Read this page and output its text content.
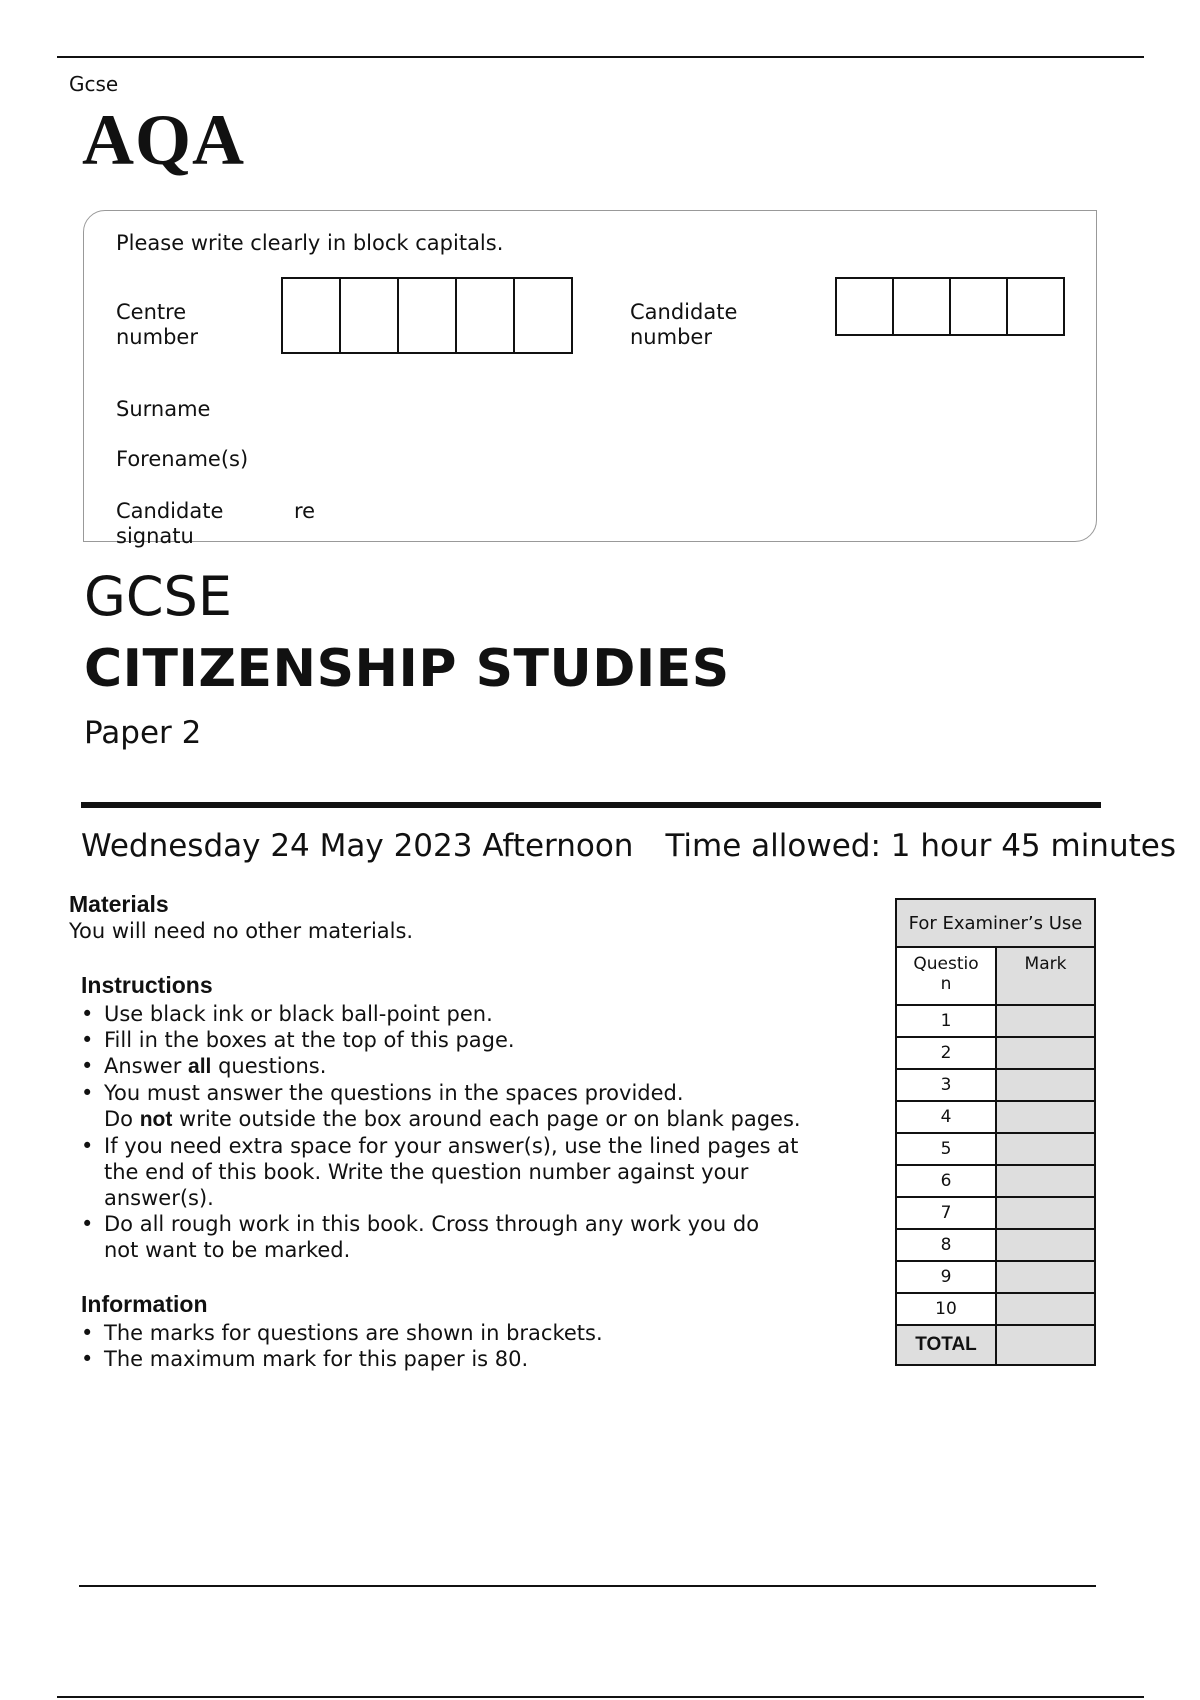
Gcse
AQA
Please write clearly in block capitals.
Centre
number
Candidate
number
Surname
Forename(s)
Candidate
signatu
re
GCSE
CITIZENSHIP STUDIES
Paper 2
Wednesday 24 May 2023 Afternoon Time allowed: 1 hour 45 minutes
Materials
You will need no other materials.
Instructions
• Use black ink or black ball-point pen.
• Fill in the boxes at the top of this page.
• Answer all questions.
• You must answer the questions in the spaces provided.
Do not write outside the box around each page or on blank pages.
• If you need extra space for your answer(s), use the lined pages at
the end of this book. Write the question number against your
answer(s).
• Do all rough work in this book. Cross through any work you do
not want to be marked.
Information
• The marks for questions are shown in brackets.
• The maximum mark for this paper is 80.
For Examiner’s Use	

Questio n	Mark
1	
2	
3	
4	
5	
6	
7	
8	
9	
10	
TOTAL	
